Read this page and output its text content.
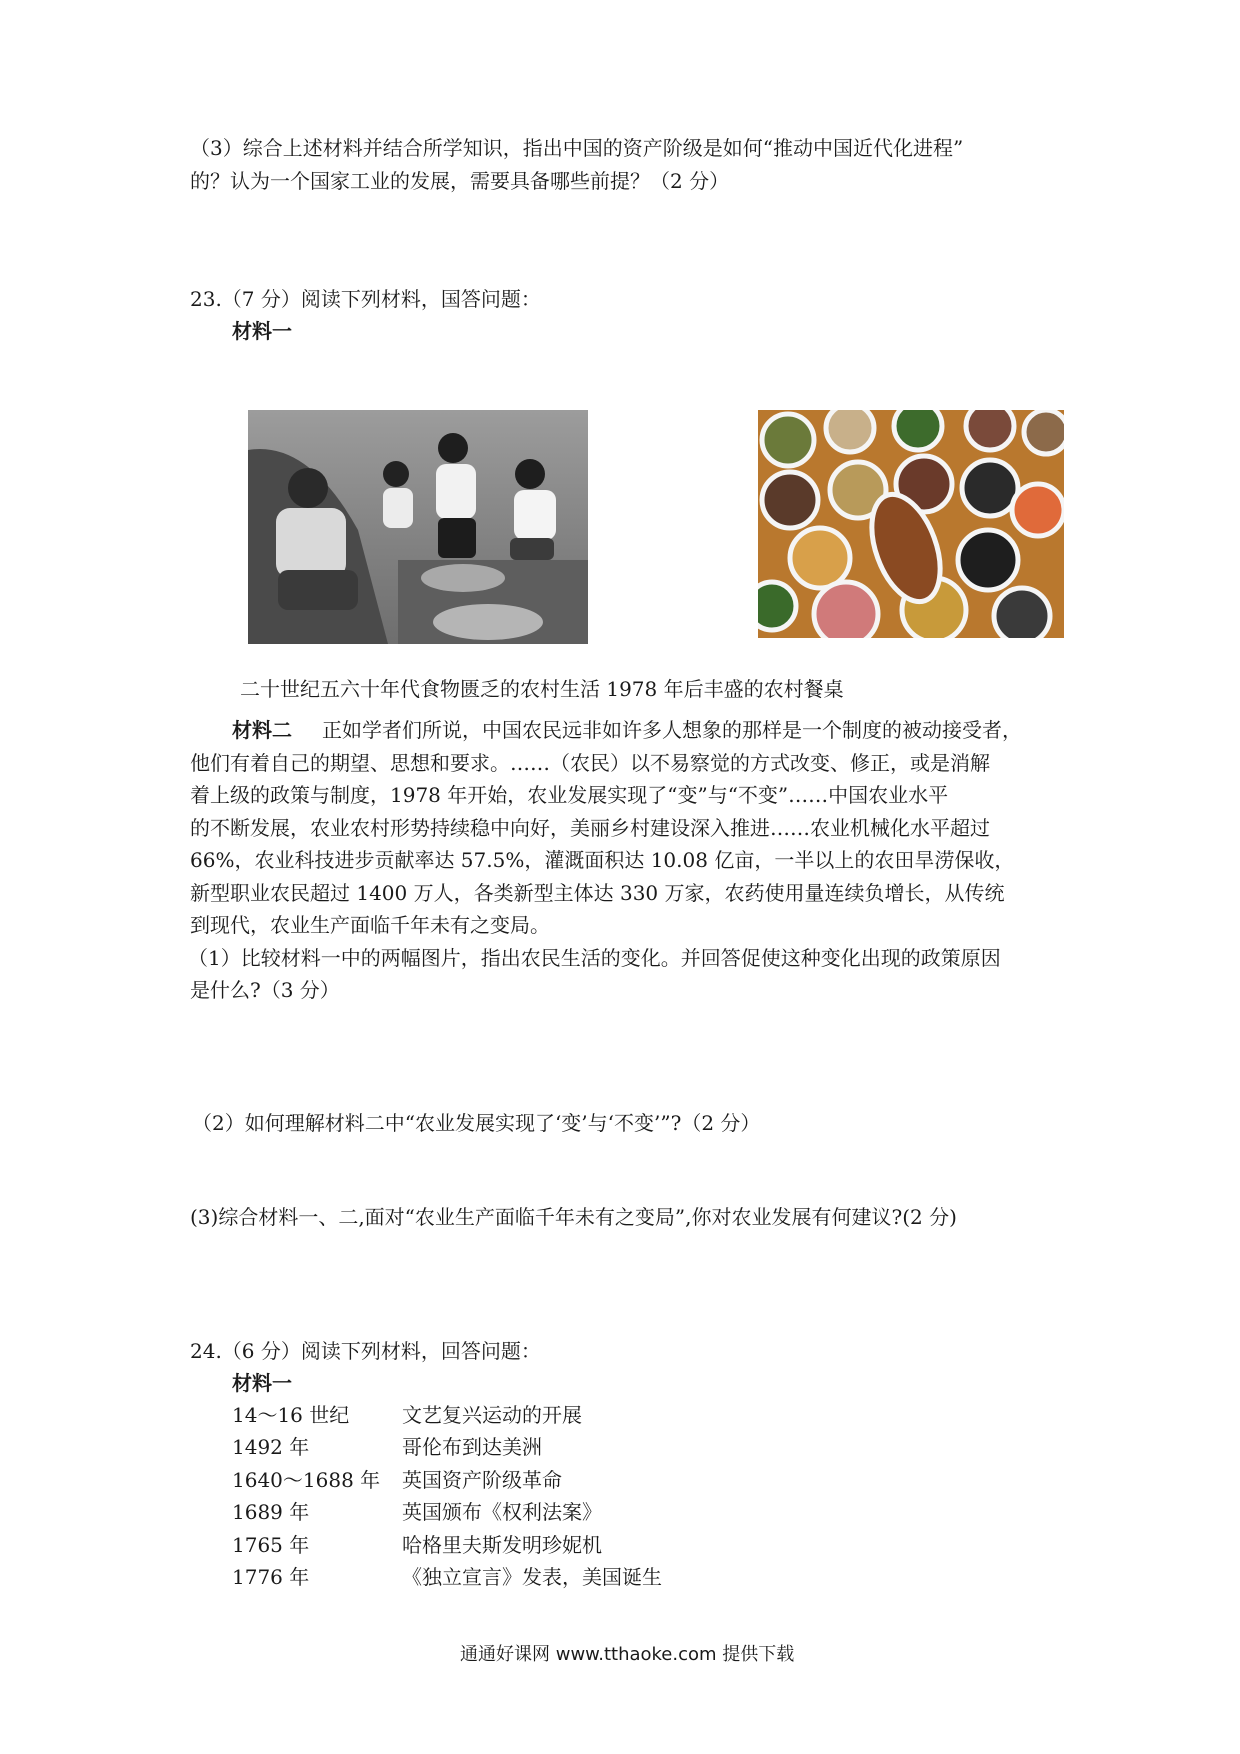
（3）综合上述材料并结合所学知识，指出中国的资产阶级是如何“推动中国近代化进程”
的？认为一个国家工业的发展，需要具备哪些前提？（2 分）
23.（7 分）阅读下列材料，国答问题：
材料一
二十世纪五六十年代食物匮乏的农村生活 1978 年后丰盛的农村餐桌
材料二 正如学者们所说，中国农民远非如许多人想象的那样是一个制度的被动接受者，
他们有着自己的期望、思想和要求。……（农民）以不易察觉的方式改变、修正，或是消解
着上级的政策与制度，1978 年开始，农业发展实现了“变”与“不变”……中国农业水平
的不断发展，农业农村形势持续稳中向好，美丽乡村建设深入推进……农业机械化水平超过
66%，农业科技进步贡献率达 57.5%，灌溉面积达 10.08 亿亩，一半以上的农田旱涝保收，
新型职业农民超过 1400 万人，各类新型主体达 330 万家，农药使用量连续负增长，从传统
到现代，农业生产面临千年未有之变局。
（1）比较材料一中的两幅图片，指出农民生活的变化。并回答促使这种变化出现的政策原因
是什么?（3 分）
（2）如何理解材料二中“农业发展实现了‘变’与‘不变’”?（2 分）
(3)综合材料一、二,面对“农业生产面临千年未有之变局”,你对农业发展有何建议?(2 分)
24.（6 分）阅读下列材料，回答问题：
材料一
14～16 世纪	文艺复兴运动的开展
1492 年	哥伦布到达美洲
1640～1688 年 英国资产阶级革命
1689 年	英国颁布《权利法案》
1765 年	哈格里夫斯发明珍妮机
1776 年	《独立宣言》发表，美国诞生
通通好课网 www.tthaoke.com 提供下载
